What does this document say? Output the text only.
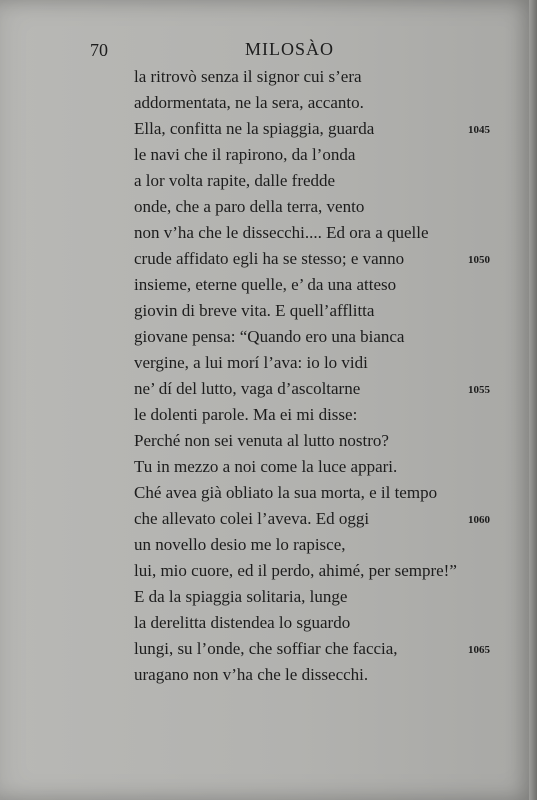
70	MILOSÀO
la ritrovò senza il signor cui s’era
addormentata, ne la sera, accanto.
Ella, confitta ne la spiaggia, guarda	1045
le navi che il rapirono, da l’onda
a lor volta rapite, dalle fredde
onde, che a paro della terra, vento
non v’ha che le dissecchi.... Ed ora a quelle
crude affidato egli ha se stesso; e vanno	1050
insieme, eterne quelle, e’ da una atteso
giovin di breve vita. E quell’afflitta
giovane pensa: “Quando ero una bianca
vergine, a lui morí l’ava: io lo vidi
ne’ dí del lutto, vaga d’ascoltarne	1055
le dolenti parole. Ma ei mi disse:
Perché non sei venuta al lutto nostro?
Tu in mezzo a noi come la luce appari.
Ché avea già obliato la sua morta, e il tempo
che allevato colei l’aveva. Ed oggi	1060
un novello desio me lo rapisce,
lui, mio cuore, ed il perdo, ahimé, per sempre!”
E da la spiaggia solitaria, lunge
la derelitta distendea lo sguardo
lungi, su l’onde, che soffiar che faccia,	1065
uragano non v’ha che le dissecchi.
